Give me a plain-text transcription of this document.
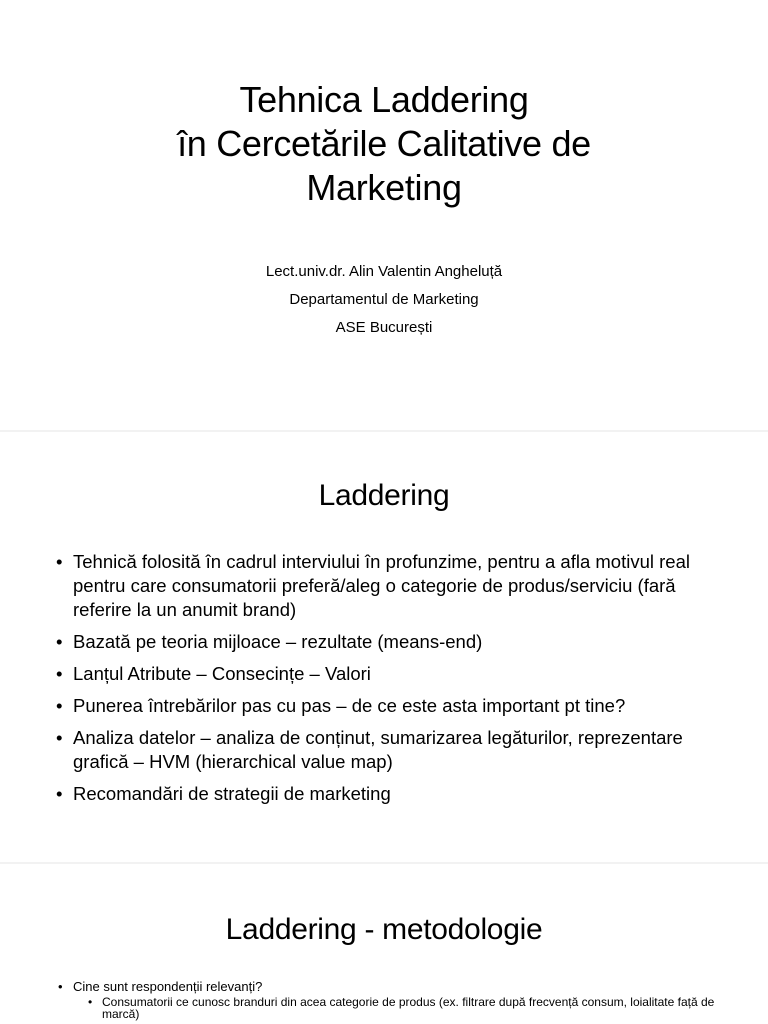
Tehnica Laddering
în Cercetările Calitative de
Marketing
Lect.univ.dr. Alin Valentin Angheluță
Departamentul de Marketing
ASE București
Laddering
• Tehnică folosită în cadrul interviului în profunzime, pentru a afla motivul real pentru care consumatorii preferă/aleg o categorie de produs/serviciu (fară referire la un anumit brand)
• Bazată pe teoria mijloace – rezultate (means-end)
• Lanțul Atribute – Consecințe – Valori
• Punerea întrebărilor pas cu pas – de ce este asta important pt tine?
• Analiza datelor – analiza de conținut, sumarizarea legăturilor, reprezentare grafică – HVM (hierarchical value map)
• Recomandări de strategii de marketing
Laddering - metodologie
• Cine sunt respondenții relevanți?
• Consumatorii ce cunosc branduri din acea categorie de produs (ex. filtrare după frecvență consum, loialitate față de marcă)
